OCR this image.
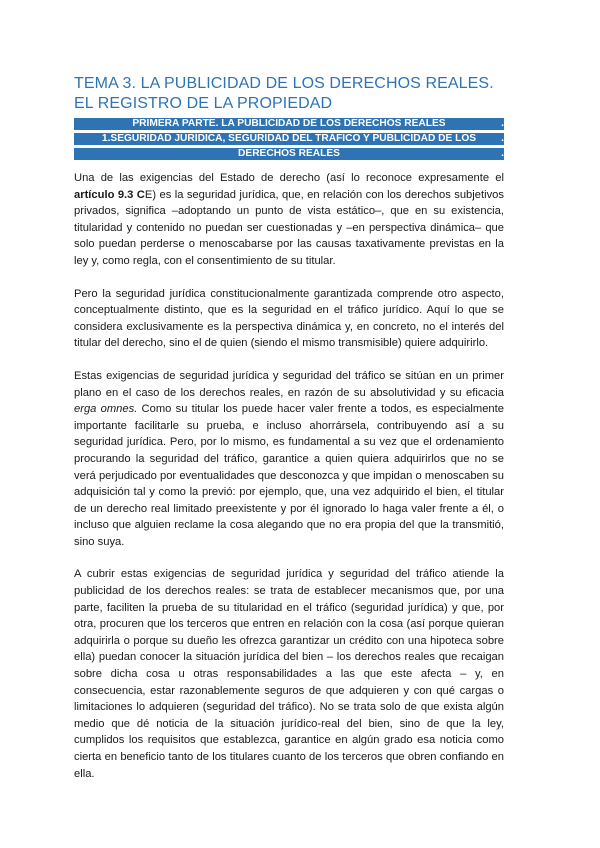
TEMA 3. LA PUBLICIDAD DE LOS DERECHOS REALES. EL REGISTRO DE LA PROPIEDAD
PRIMERA PARTE. LA PUBLICIDAD DE LOS DERECHOS REALES	.
1.SEGURIDAD JURÍDICA, SEGURIDAD DEL TRÁFICO Y PUBLICIDAD DE LOS .
DERECHOS REALES	.

Una de las exigencias del Estado de derecho (así lo reconoce expresamente el artículo 9.3 CE) es la seguridad jurídica, que, en relación con los derechos subjetivos privados, significa –adoptando un punto de vista estático–, que en su existencia, titularidad y contenido no puedan ser cuestionadas y –en perspectiva dinámica– que solo puedan perderse o menoscabarse por las causas taxativamente previstas en la ley y, como regla, con el consentimiento de su titular.

Pero la seguridad jurídica constitucionalmente garantizada comprende otro aspecto, conceptualmente distinto, que es la seguridad en el tráfico jurídico. Aquí lo que se considera exclusivamente es la perspectiva dinámica y, en concreto, no el interés del titular del derecho, sino el de quien (siendo el mismo transmisible) quiere adquirirlo.

Estas exigencias de seguridad jurídica y seguridad del tráfico se sitúan en un primer plano en el caso de los derechos reales, en razón de su absolutividad y su eficacia erga omnes. Como su titular los puede hacer valer frente a todos, es especialmente importante facilitarle su prueba, e incluso ahorrársela, contribuyendo así a su seguridad jurídica. Pero, por lo mismo, es fundamental a su vez que el ordenamiento procurando la seguridad del tráfico, garantice a quien quiera adquirirlos que no se verá perjudicado por eventualidades que desconozca y que impidan o menoscaben su adquisición tal y como la previó: por ejemplo, que, una vez adquirido el bien, el titular de un derecho real limitado preexistente y por él ignorado lo haga valer frente a él, o incluso que alguien reclame la cosa alegando que no era propia del que la transmitió, sino suya.

A cubrir estas exigencias de seguridad jurídica y seguridad del tráfico atiende la publicidad de los derechos reales: se trata de establecer mecanismos que, por una parte, faciliten la prueba de su titularidad en el tráfico (seguridad jurídica) y que, por otra, procuren que los terceros que entren en relación con la cosa (así porque quieran adquirirla o porque su dueño les ofrezca garantizar un crédito con una hipoteca sobre ella) puedan conocer la situación jurídica del bien – los derechos reales que recaigan sobre dicha cosa u otras responsabilidades a las que este afecta – y, en consecuencia, estar razonablemente seguros de que adquieren y con qué cargas o limitaciones lo adquieren (seguridad del tráfico). No se trata solo de que exista algún medio que dé noticia de la situación jurídico-real del bien, sino de que la ley, cumplidos los requisitos que establezca, garantice en algún grado esa noticia como cierta en beneficio tanto de los titulares cuanto de los terceros que obren confiando en ella.
